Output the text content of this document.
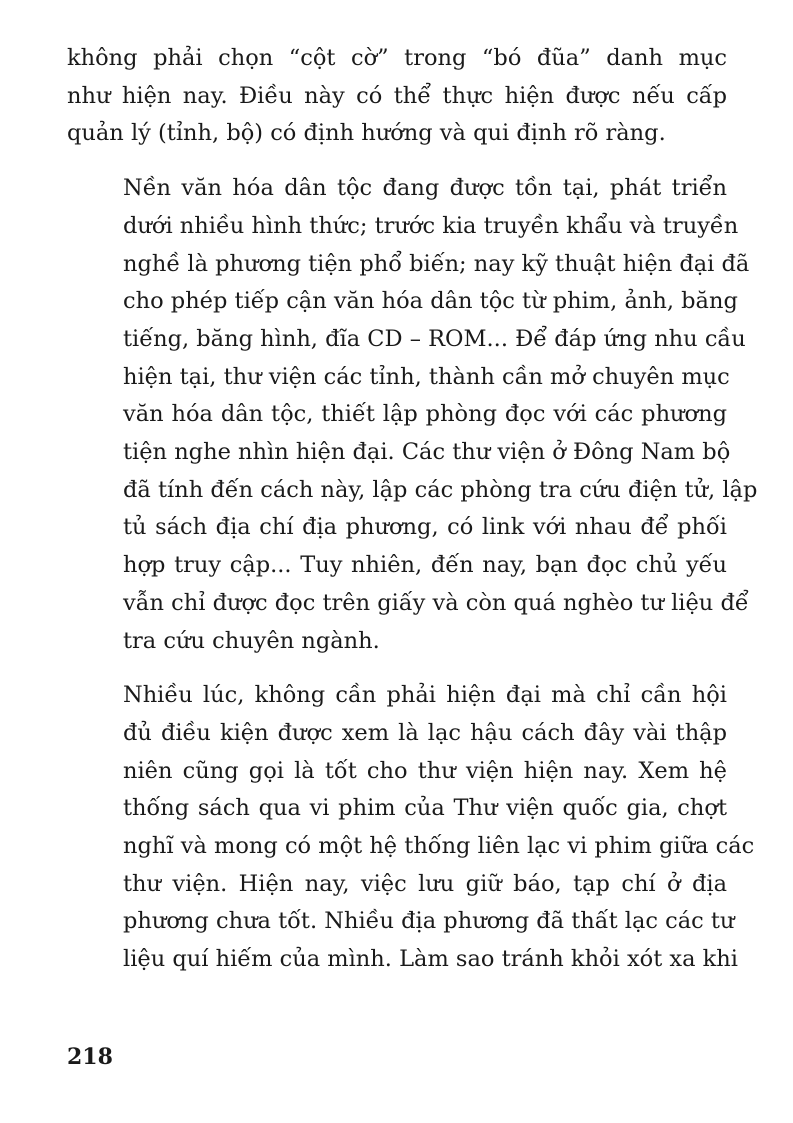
không phải chọn “cột cờ” trong “bó đũa” danh mục
như hiện nay. Điều này có thể thực hiện được nếu cấp
quản lý (tỉnh, bộ) có định hướng và qui định rõ ràng.

Nền văn hóa dân tộc đang được tồn tại, phát triển
dưới nhiều hình thức; trước kia truyền khẩu và truyền
nghề là phương tiện phổ biến; nay kỹ thuật hiện đại đã
cho phép tiếp cận văn hóa dân tộc từ phim, ảnh, băng
tiếng, băng hình, đĩa CD – ROM... Để đáp ứng nhu cầu
hiện tại, thư viện các tỉnh, thành cần mở chuyên mục
văn hóa dân tộc, thiết lập phòng đọc với các phương
tiện nghe nhìn hiện đại. Các thư viện ở Đông Nam bộ
đã tính đến cách này, lập các phòng tra cứu điện tử, lập
tủ sách địa chí địa phương, có link với nhau để phối
hợp truy cập... Tuy nhiên, đến nay, bạn đọc chủ yếu
vẫn chỉ được đọc trên giấy và còn quá nghèo tư liệu để
tra cứu chuyên ngành.

Nhiều lúc, không cần phải hiện đại mà chỉ cần hội
đủ điều kiện được xem là lạc hậu cách đây vài thập
niên cũng gọi là tốt cho thư viện hiện nay. Xem hệ
thống sách qua vi phim của Thư viện quốc gia, chợt
nghĩ và mong có một hệ thống liên lạc vi phim giữa các
thư viện. Hiện nay, việc lưu giữ báo, tạp chí ở địa
phương chưa tốt. Nhiều địa phương đã thất lạc các tư
liệu quí hiếm của mình. Làm sao tránh khỏi xót xa khi

218
